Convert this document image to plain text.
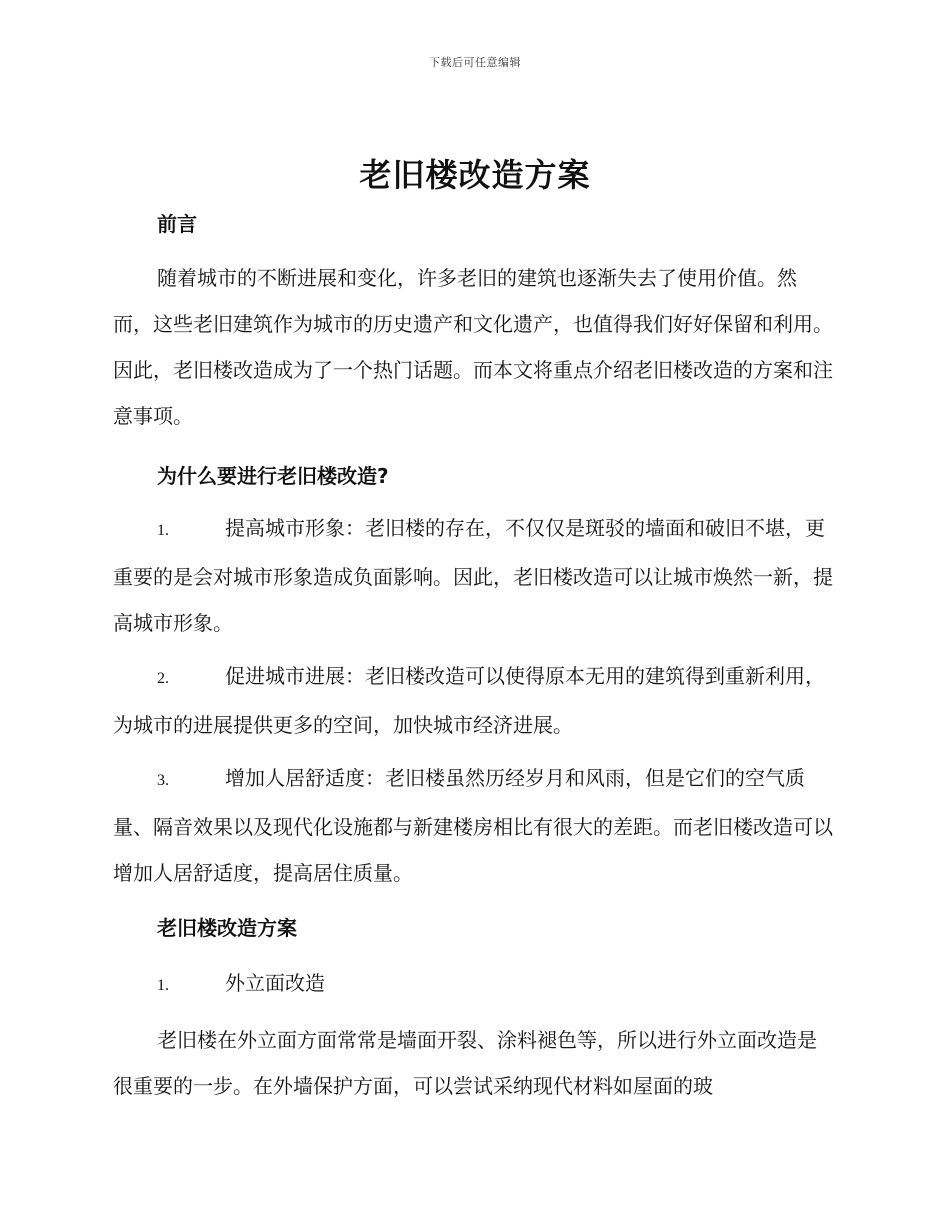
下载后可任意编辑
老旧楼改造方案
前言

随着城市的不断进展和变化，许多老旧的建筑也逐渐失去了使用价值。然而，这些老旧建筑作为城市的历史遗产和文化遗产，也值得我们好好保留和利用。因此，老旧楼改造成为了一个热门话题。而本文将重点介绍老旧楼改造的方案和注意事项。

为什么要进行老旧楼改造?

1.	提高城市形象：老旧楼的存在，不仅仅是斑驳的墙面和破旧不堪，更重要的是会对城市形象造成负面影响。因此，老旧楼改造可以让城市焕然一新，提高城市形象。

2.	促进城市进展：老旧楼改造可以使得原本无用的建筑得到重新利用，为城市的进展提供更多的空间，加快城市经济进展。

3.	增加人居舒适度：老旧楼虽然历经岁月和风雨，但是它们的空气质量、隔音效果以及现代化设施都与新建楼房相比有很大的差距。而老旧楼改造可以增加人居舒适度，提高居住质量。

老旧楼改造方案

1.	外立面改造

老旧楼在外立面方面常常是墙面开裂、涂料褪色等，所以进行外立面改造是很重要的一步。在外墙保护方面，可以尝试采纳现代材料如屋面的玻
